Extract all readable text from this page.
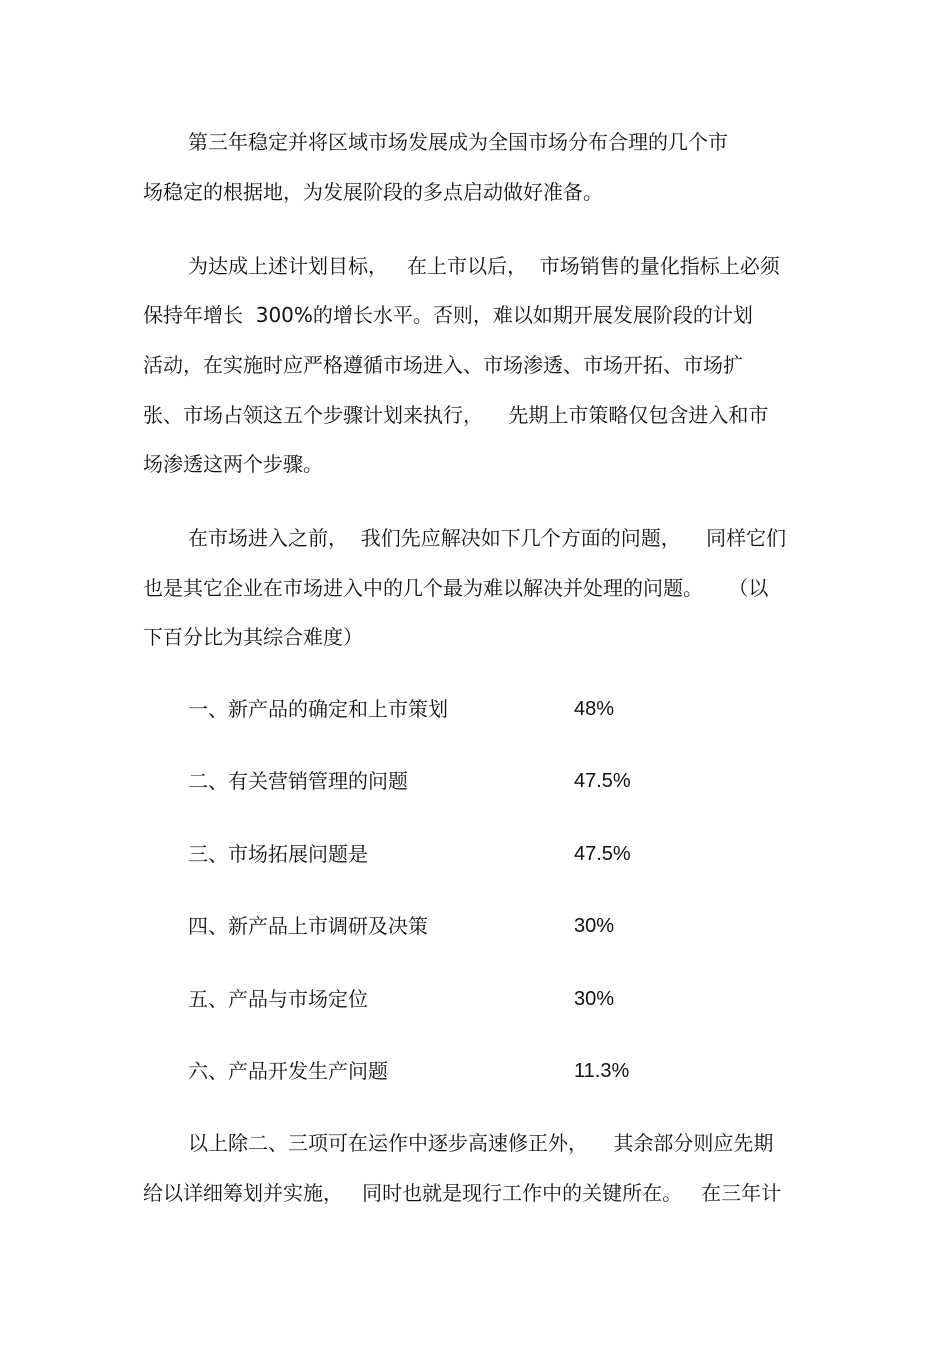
第三年稳定并将区域市场发展成为全国市场分布合理的几个市
场稳定的根据地，为发展阶段的多点启动做好准备。
为达成上述计划目标，   在上市以后，  市场销售的量化指标上必须
保持年增长  300%的增长水平。否则，难以如期开展发展阶段的计划
活动，在实施时应严格遵循市场进入、市场渗透、市场开拓、市场扩
张、市场占领这五个步骤计划来执行，    先期上市策略仅包含进入和市
场渗透这两个步骤。
在市场进入之前，  我们先应解决如下几个方面的问题，    同样它们
也是其它企业在市场进入中的几个最为难以解决并处理的问题。    （以
下百分比为其综合难度）
一、新产品的确定和上市策划	48%
二、有关营销管理的问题	47.5%
三、市场拓展问题是	47.5%
四、新产品上市调研及决策	30%
五、产品与市场定位	30%
六、产品开发生产问题	11.3%
以上除二、三项可在运作中逐步高速修正外，    其余部分则应先期
给以详细筹划并实施，   同时也就是现行工作中的关键所在。   在三年计
